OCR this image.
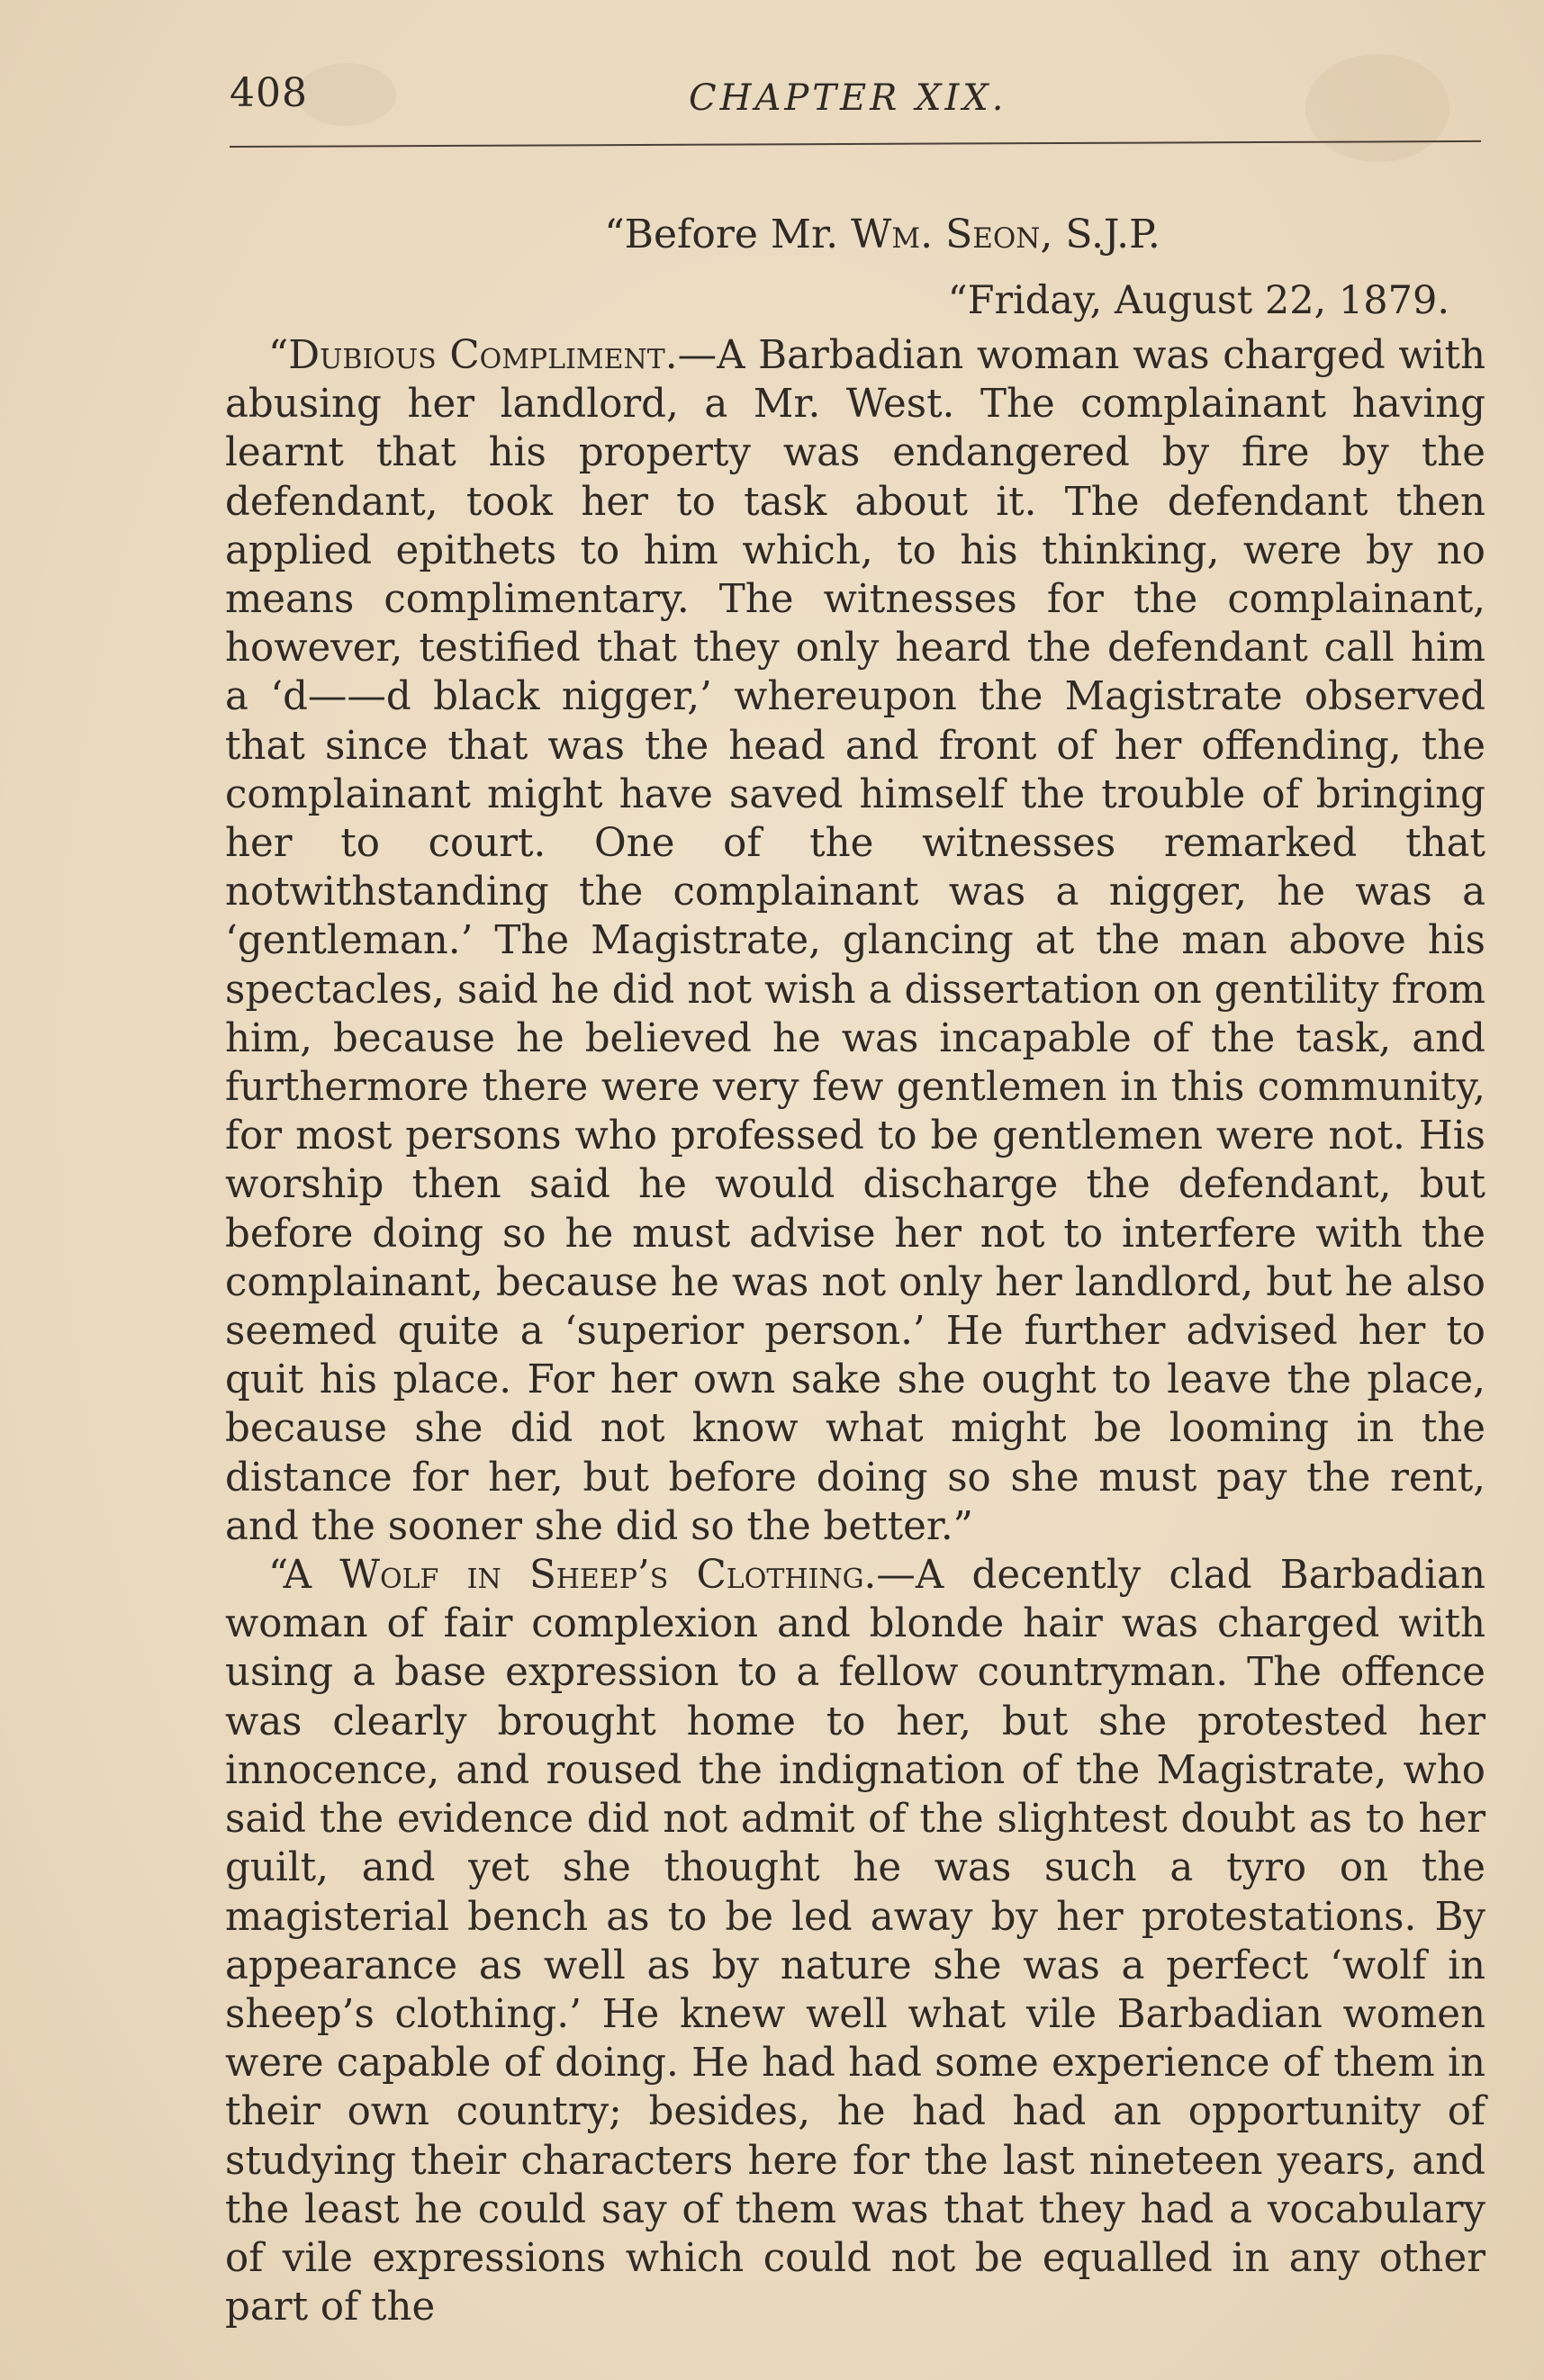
408	CHAPTER XIX.

“Before Mr. Wm. Seon, S.J.P.

“Friday, August 22, 1879.

“Dubious Compliment.—A Barbadian woman was charged with abusing her landlord, a Mr. West. The complainant having learnt that his property was endangered by fire by the defendant, took her to task about it. The defendant then applied epithets to him which, to his thinking, were by no means complimentary. The witnesses for the complainant, however, testified that they only heard the defendant call him a ‘d——d black nigger,’ whereupon the Magistrate observed that since that was the head and front of her offending, the complainant might have saved himself the trouble of bringing her to court. One of the witnesses remarked that notwithstanding the complainant was a nigger, he was a ‘gentleman.’ The Magistrate, glancing at the man above his spectacles, said he did not wish a dissertation on gentility from him, because he believed he was incapable of the task, and furthermore there were very few gentlemen in this community, for most persons who professed to be gentlemen were not. His worship then said he would discharge the defendant, but before doing so he must advise her not to interfere with the complainant, because he was not only her landlord, but he also seemed quite a ‘superior person.’ He further advised her to quit his place. For her own sake she ought to leave the place, because she did not know what might be looming in the distance for her, but before doing so she must pay the rent, and the sooner she did so the better.”

“A Wolf in Sheep’s Clothing.—A decently clad Barbadian woman of fair complexion and blonde hair was charged with using a base expression to a fellow countryman. The offence was clearly brought home to her, but she protested her innocence, and roused the indignation of the Magistrate, who said the evidence did not admit of the slightest doubt as to her guilt, and yet she thought he was such a tyro on the magisterial bench as to be led away by her protestations. By appearance as well as by nature she was a perfect ‘wolf in sheep’s clothing.’ He knew well what vile Barbadian women were capable of doing. He had had some experience of them in their own country; besides, he had had an opportunity of studying their characters here for the last nineteen years, and the least he could say of them was that they had a vocabulary of vile expressions which could not be equalled in any other part of the
